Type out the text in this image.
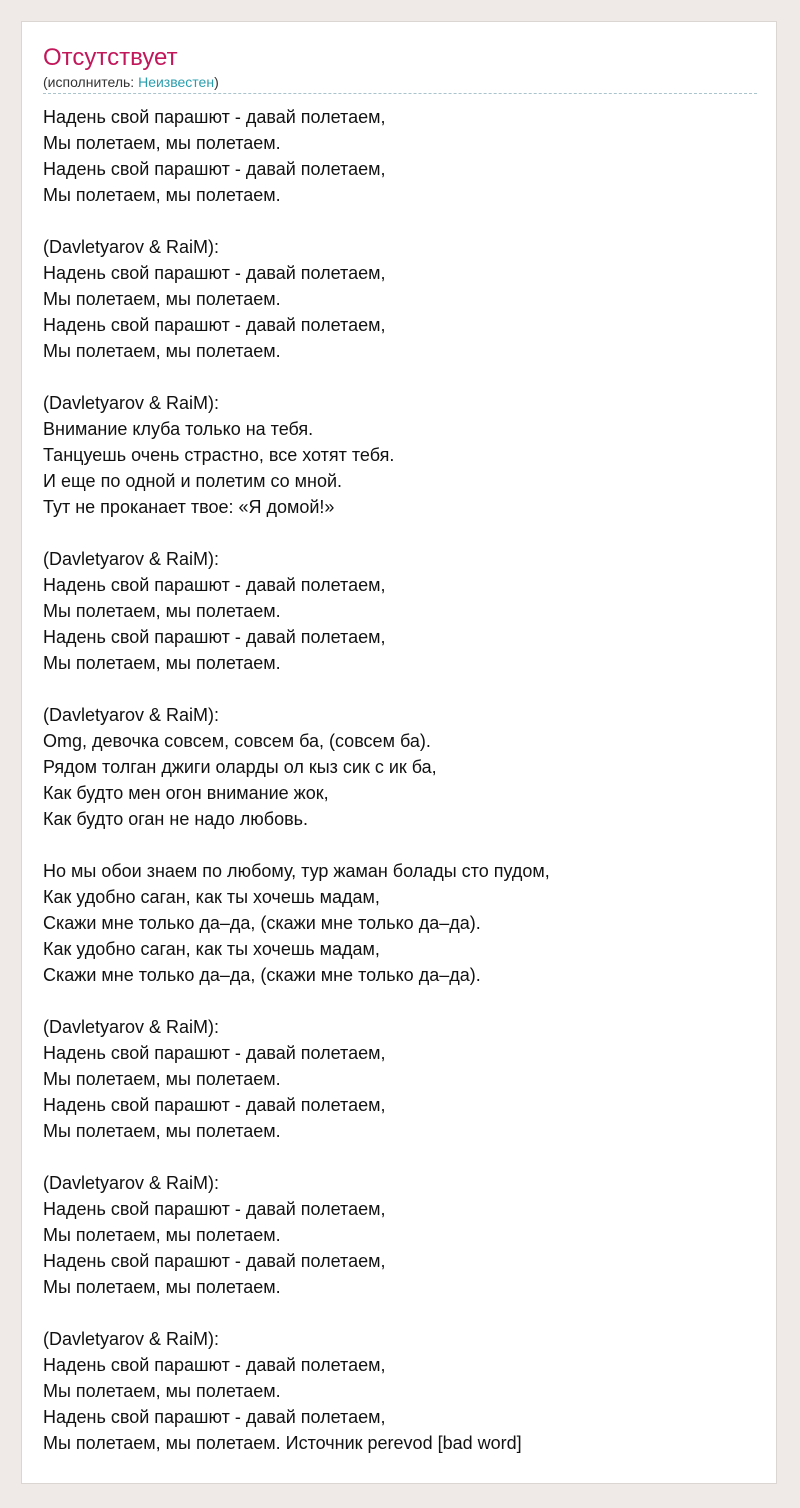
Отсутствует
(исполнитель: Неизвестен)
Надень свой парашют - давай полетаем,
Мы полетаем, мы полетаем.
Надень свой парашют - давай полетаем,
Мы полетаем, мы полетаем.
(Davletyarov & RaiM):
Надень свой парашют - давай полетаем,
Мы полетаем, мы полетаем.
Надень свой парашют - давай полетаем,
Мы полетаем, мы полетаем.
(Davletyarov & RaiM):
Внимание клуба только на тебя.
Танцуешь очень страстно, все хотят тебя.
И еще по одной и полетим со мной.
Тут не проканает твое: «Я домой!»
(Davletyarov & RaiM):
Надень свой парашют - давай полетаем,
Мы полетаем, мы полетаем.
Надень свой парашют - давай полетаем,
Мы полетаем, мы полетаем.
(Davletyarov & RaiM):
Omg, девочка совсем, совсем ба, (совсем ба).
Рядом толган джиги оларды ол кыз сик с ик ба,
Как будто мен огон внимание жок,
Как будто оган не надо любовь.
Но мы обои знаем по любому, тур жаман болады сто пудом,
Как удобно саган, как ты хочешь мадам,
Скажи мне только да–да, (скажи мне только да–да).
Как удобно саган, как ты хочешь мадам,
Скажи мне только да–да, (скажи мне только да–да).
(Davletyarov & RaiM):
Надень свой парашют - давай полетаем,
Мы полетаем, мы полетаем.
Надень свой парашют - давай полетаем,
Мы полетаем, мы полетаем.
(Davletyarov & RaiM):
Надень свой парашют - давай полетаем,
Мы полетаем, мы полетаем.
Надень свой парашют - давай полетаем,
Мы полетаем, мы полетаем.
(Davletyarov & RaiM):
Надень свой парашют - давай полетаем,
Мы полетаем, мы полетаем.
Надень свой парашют - давай полетаем,
Мы полетаем, мы полетаем. Источник perevod [bad word]
